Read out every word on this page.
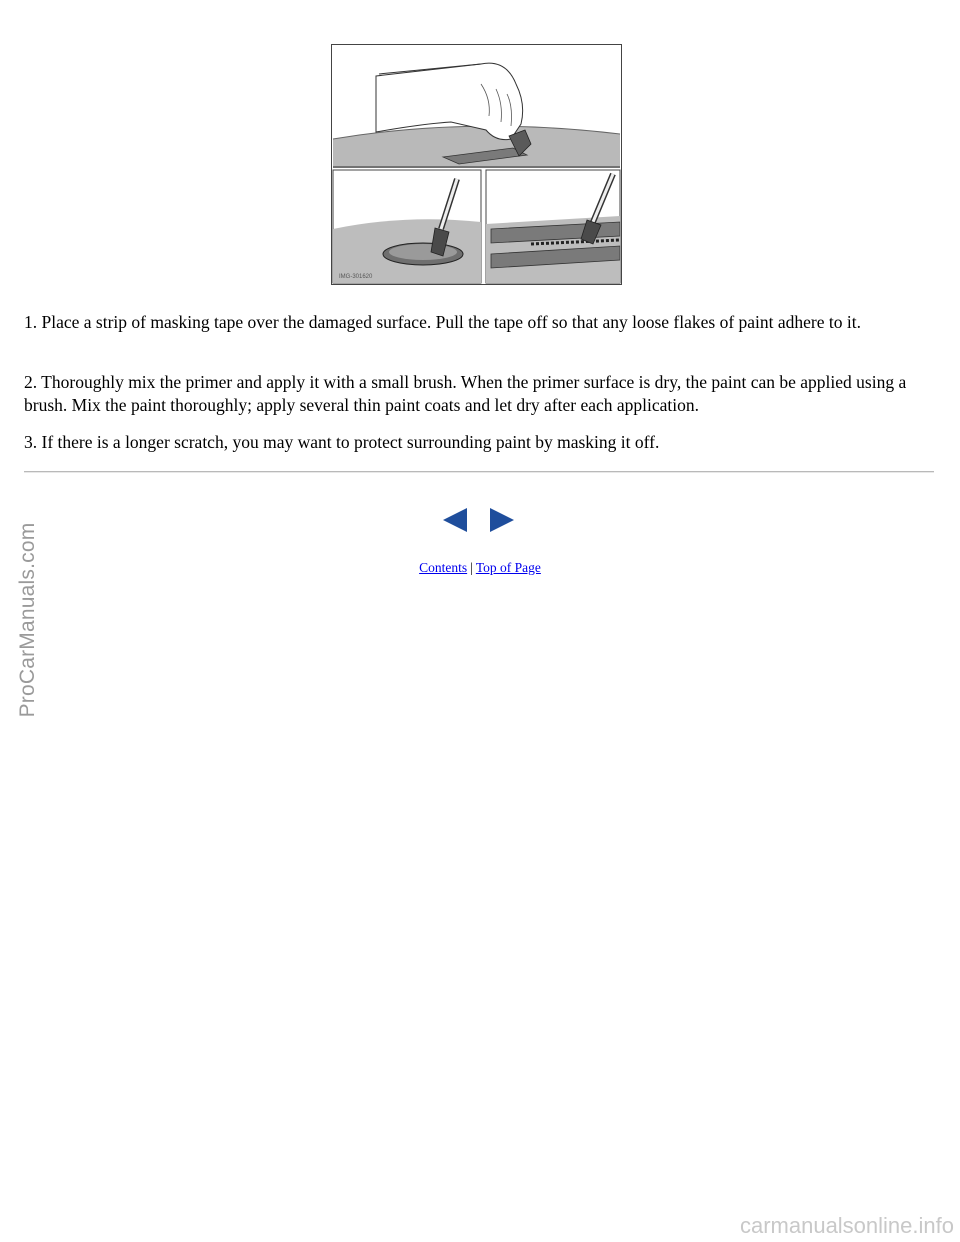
IMG-301620

1. Place a strip of masking tape over the damaged surface. Pull the tape off so that any loose flakes of paint adhere to it.

2. Thoroughly mix the primer and apply it with a small brush. When the primer surface is dry, the paint can be applied using a brush. Mix the paint thoroughly; apply several thin paint coats and let dry after each application.

3. If there is a longer scratch, you may want to protect surrounding paint by masking it off.

Contents | Top of Page
ProCarManuals.com
carmanualsonline.info
